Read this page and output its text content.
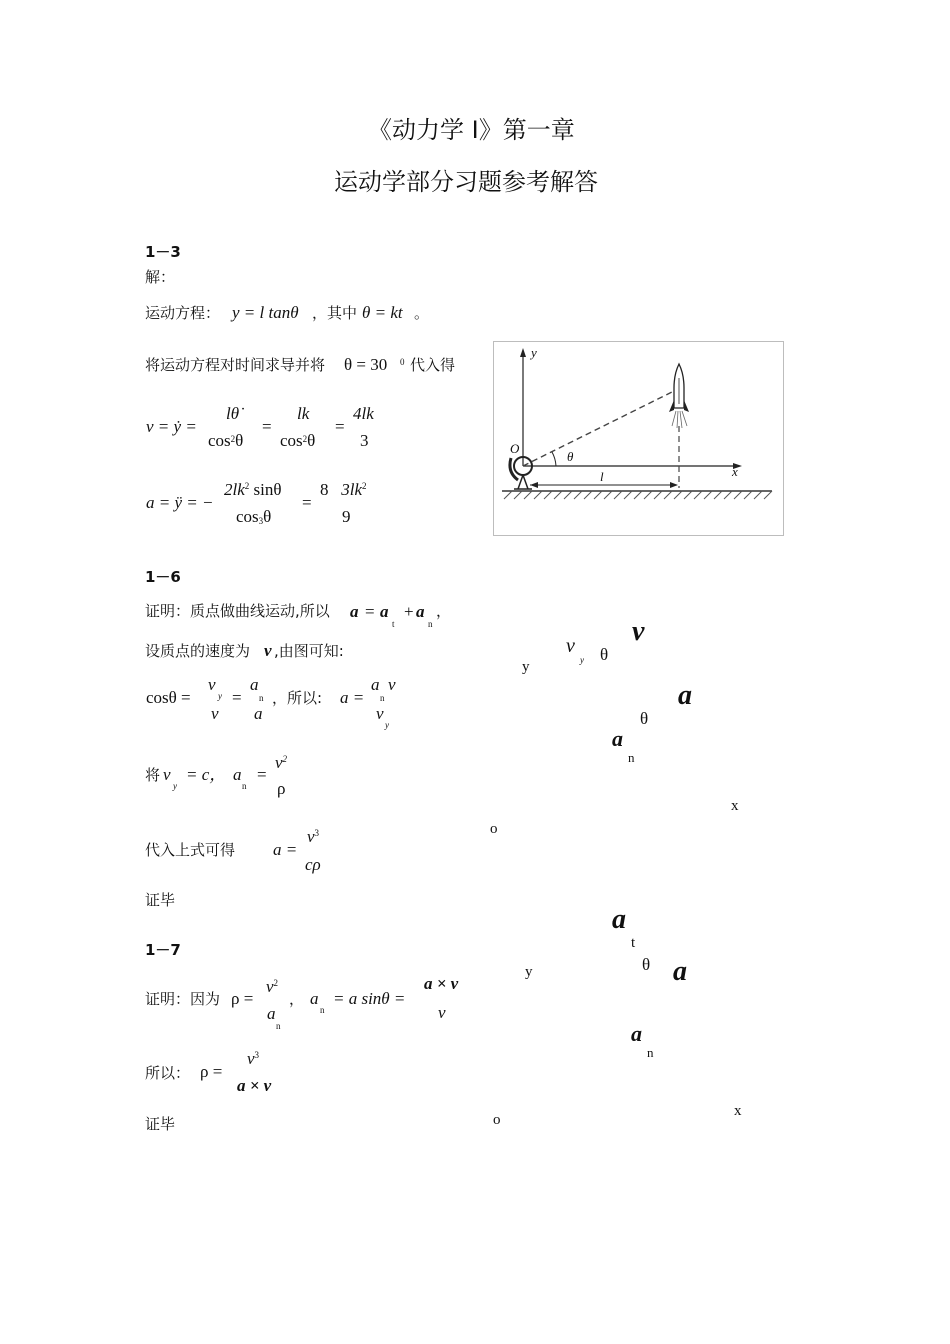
《动力学 I》第一章
运动学部分习题参考解答
1－3
解：
运动方程： y = l tanθ ，其中 θ = kt 。
将运动方程对时间求导并将 θ = 30 0 代入得
v = ẏ =
lθ̇
$\cos^2\theta$
=
lk
$\cos^2\theta$
=
4lk
3
a = ÿ = −
$2lk^2$ sinθ
$\cos_3\theta$
=
8 $3lk^2$
9
y
x
O
θ
l
1－6
证明：质点做曲线运动,所以 a = a
t
+ a
n
，
设质点的速度为 v ,由图可知:
cosθ =
v
y
v
=
a
n
a
，所以: a =
a
n
v
v
y
将 v
y
= c， a
n
=
$v^2$
ρ
代入上式可得 a =
$v^3$
cρ
证毕
v
y θ
v
y
a
θ
a
n
x
o
1－7
证明：因为 ρ =
$v^2$
a
n
， a
n
= a sinθ =
a × v
v
所以： ρ =
$v^3$
a × v
证毕
a
t
y	θ a
a
n
x
o
